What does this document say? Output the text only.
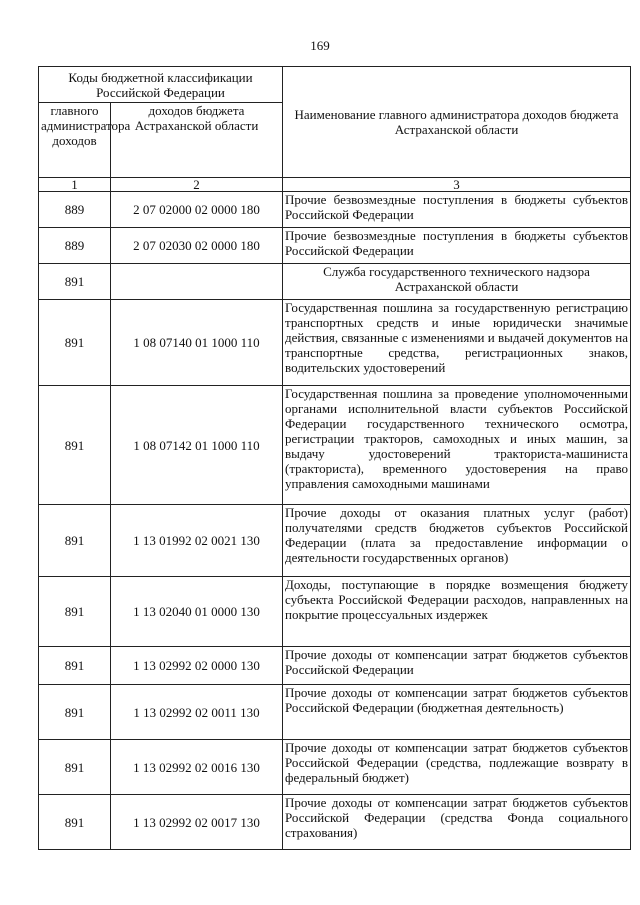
169
Коды бюджетной классификации Российской Федерации		Наименование главного администратора доходов бюджета Астраханской области
главного администратора доходов	доходов бюджета Астраханской области	
1	2	3
889	2 07 02000 02 0000 180	Прочие безвозмездные поступления в бюджеты субъектов Российской Федерации
889	2 07 02030 02 0000 180	Прочие безвозмездные поступления в бюджеты субъектов Российской Федерации
891		Служба государственного технического надзора Астраханской области
891	1 08 07140 01 1000 110	Государственная пошлина за государственную регистрацию транспортных средств и иные юридически значимые действия, связанные с изменениями и выдачей документов на транспортные средства, регистрационных знаков, водительских удостоверений
891	1 08 07142 01 1000 110	Государственная пошлина за проведение уполномоченными органами исполнительной власти субъектов Российской Федерации государственного технического осмотра, регистрации тракторов, самоходных и иных машин, за выдачу удостоверений тракториста-машиниста (тракториста), временного удостоверения на право управления самоходными машинами
891	1 13 01992 02 0021 130	Прочие доходы от оказания платных услуг (работ) получателями средств бюджетов субъектов Российской Федерации (плата за предоставление информации о деятельности государственных органов)
891	1 13 02040 01 0000 130	Доходы, поступающие в порядке возмещения бюджету субъекта Российской Федерации расходов, направленных на покрытие процессуальных издержек
891	1 13 02992 02 0000 130	Прочие доходы от компенсации затрат бюджетов субъектов Российской Федерации
891	1 13 02992 02 0011 130	Прочие доходы от компенсации затрат бюджетов субъектов Российской Федерации (бюджетная деятельность)
891	1 13 02992 02 0016 130	Прочие доходы от компенсации затрат бюджетов субъектов Российской Федерации (средства, подлежащие возврату в федеральный бюджет)
891	1 13 02992 02 0017 130	Прочие доходы от компенсации затрат бюджетов субъектов Российской Федерации (средства Фонда социального страхования)
